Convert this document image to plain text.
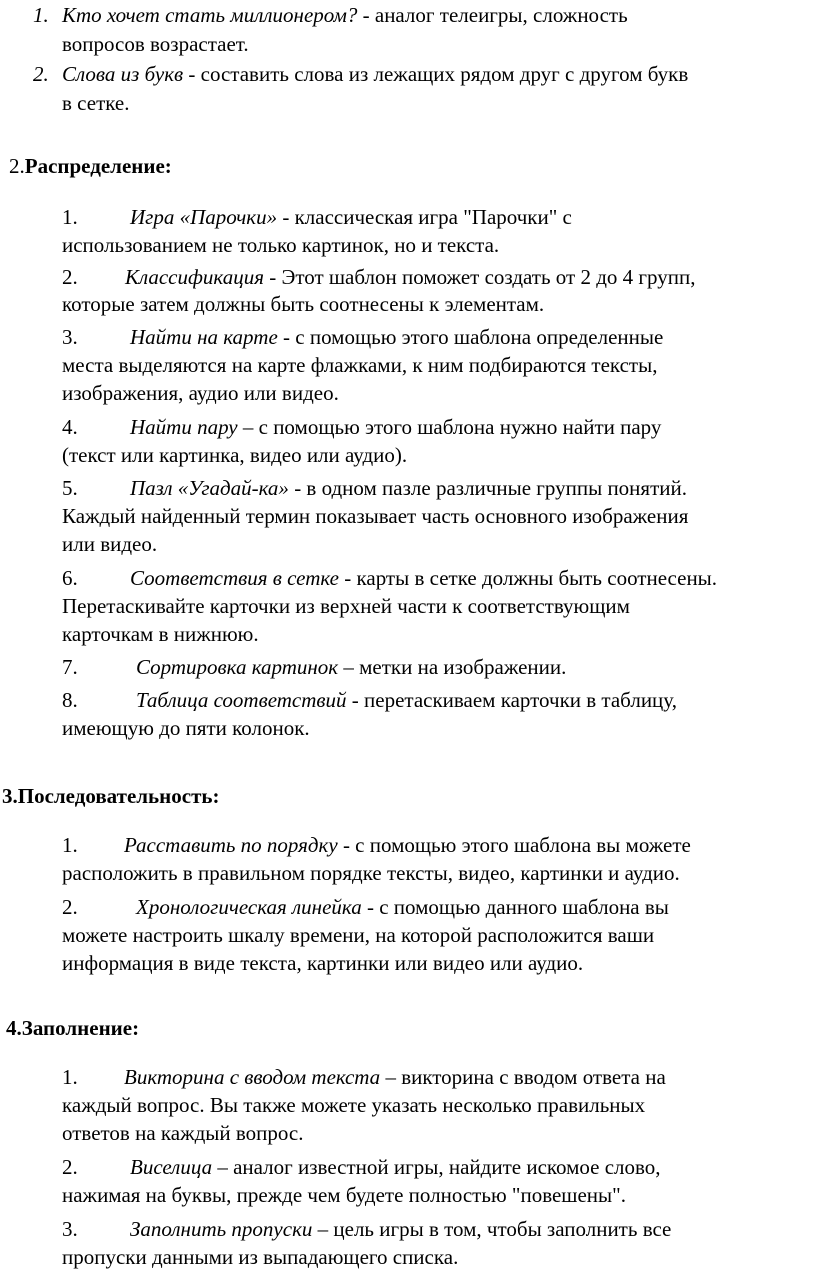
1. Кто хочет стать миллионером? - аналог телеигры, сложность
вопросов возрастает.
2. Слова из букв - составить слова из лежащих рядом друг с другом букв
в сетке.
2.Распределение:
1. Игра «Парочки» - классическая игра "Парочки" с
использованием не только картинок, но и текста.
2. Классификация - Этот шаблон поможет создать от 2 до 4 групп,
которые затем должны быть соотнесены к элементам.
3. Найти на карте - с помощью этого шаблона определенные
места выделяются на карте флажками, к ним подбираются тексты,
изображения, аудио или видео.
4. Найти пару – с помощью этого шаблона нужно найти пару
(текст или картинка, видео или аудио).
5. Пазл «Угадай-ка» - в одном пазле различные группы понятий.
Каждый найденный термин показывает часть основного изображения
или видео.
6. Соответствия в сетке - карты в сетке должны быть соотнесены.
Перетаскивайте карточки из верхней части к соответствующим
карточкам в нижнюю.
7.	Сортировка картинок – метки на изображении.
8.	Таблица соответствий - перетаскиваем карточки в таблицу,
имеющую до пяти колонок.
3.Последовательность:
1. Расставить по порядку - с помощью этого шаблона вы можете
расположить в правильном порядке тексты, видео, картинки и аудио.
2.	Хронологическая линейка - с помощью данного шаблона вы
можете настроить шкалу времени, на которой расположится ваши
информация в виде текста, картинки или видео или аудио.
4.Заполнение:
1. Викторина с вводом текста – викторина с вводом ответа на
каждый вопрос. Вы также можете указать несколько правильных
ответов на каждый вопрос.
2. Виселица – аналог известной игры, найдите искомое слово,
нажимая на буквы, прежде чем будете полностью "повешены".
3. Заполнить пропуски – цель игры в том, чтобы заполнить все
пропуски данными из выпадающего списка.
